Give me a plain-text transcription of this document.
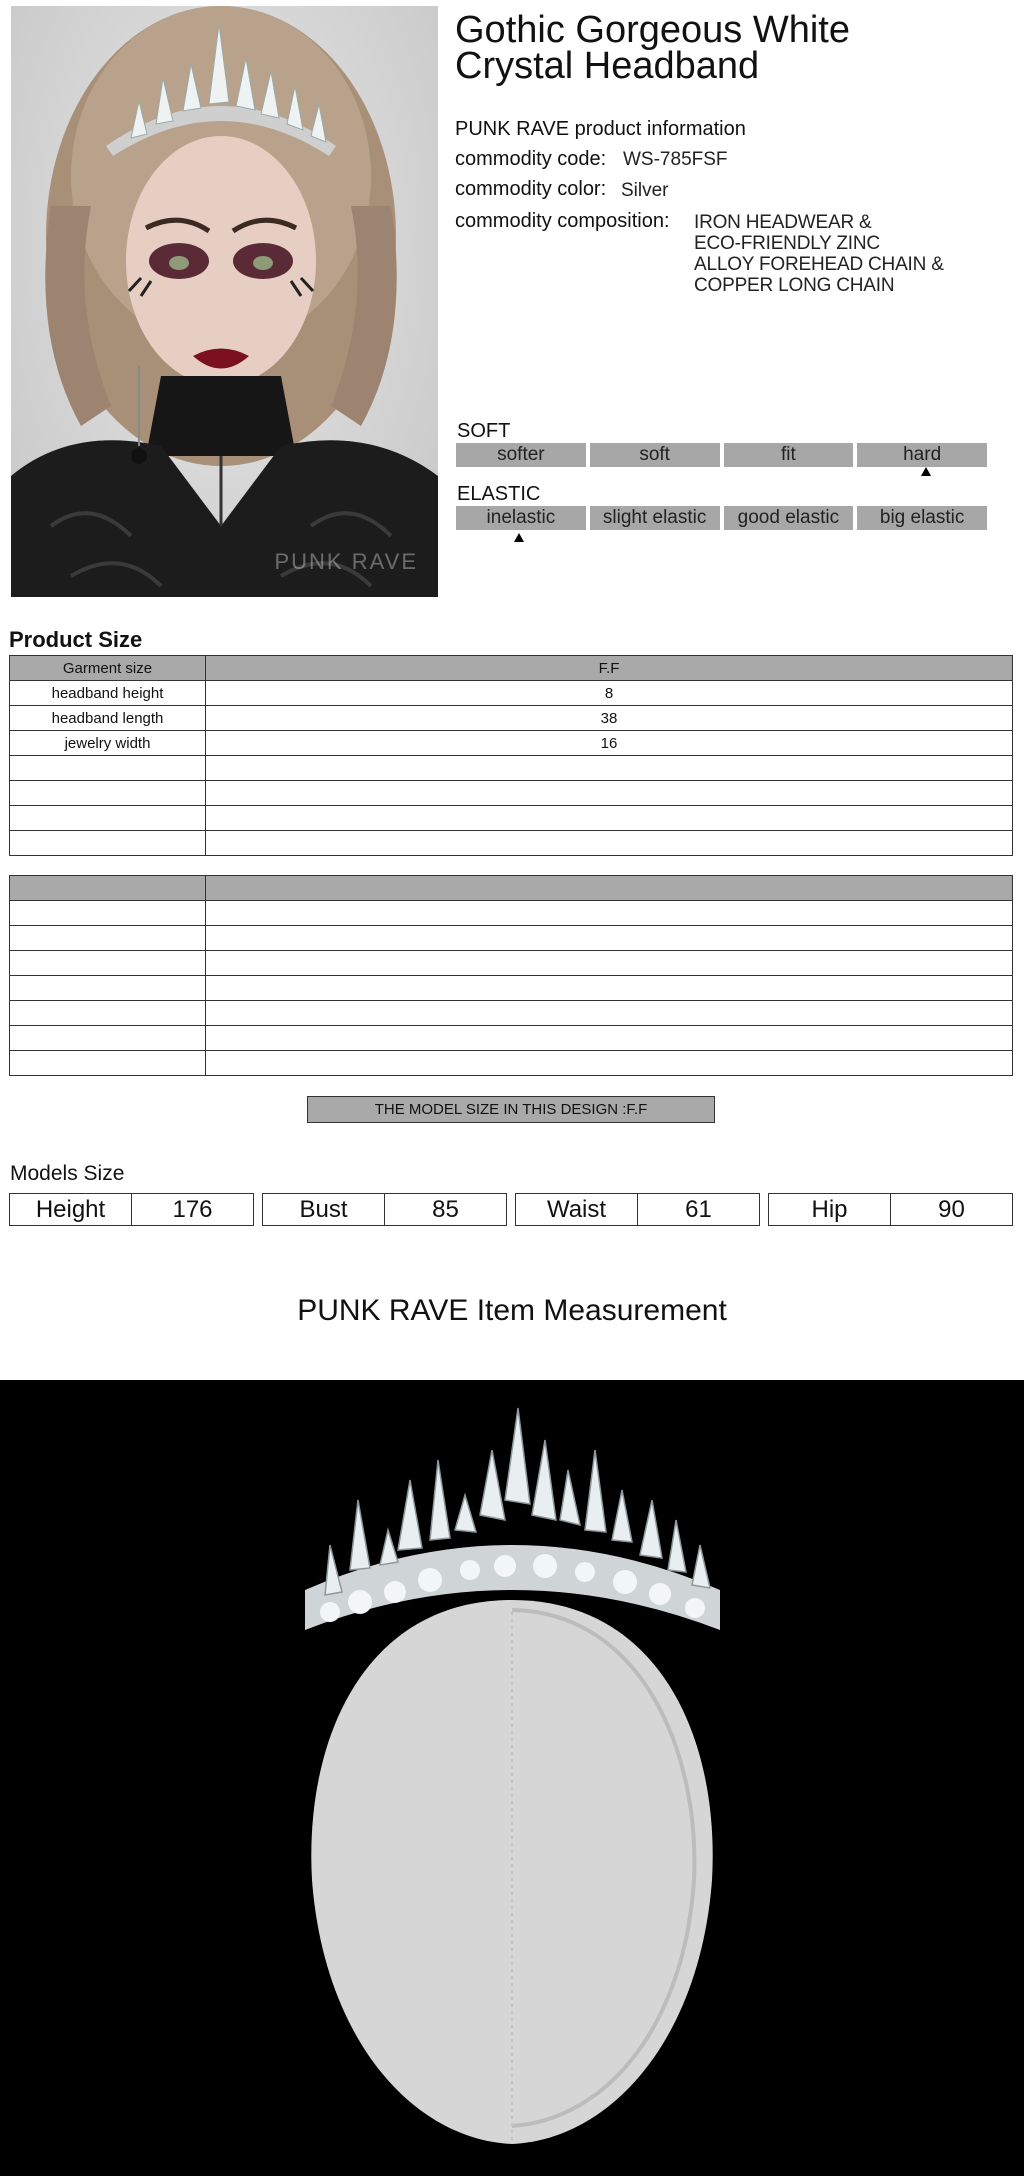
PUNK RAVE
Gothic Gorgeous White Crystal Headband
PUNK RAVE product information
commodity code: WS-785FSF
commodity color: Silver
commodity composition: IRON HEADWEAR &
ECO-FRIENDLY ZINC
ALLOY FOREHEAD CHAIN &
COPPER LONG CHAIN
SOFT
softer	soft	fit	hard
ELASTIC
inelastic	slight elastic	good elastic	big elastic
Product Size
Garment size	F.F
headband height	8
headband length	38
jewelry width	16

THE MODEL SIZE IN THIS DESIGN :F.F
Models Size
Height	176	Bust	85	Waist	61	Hip	90
PUNK RAVE Item Measurement
